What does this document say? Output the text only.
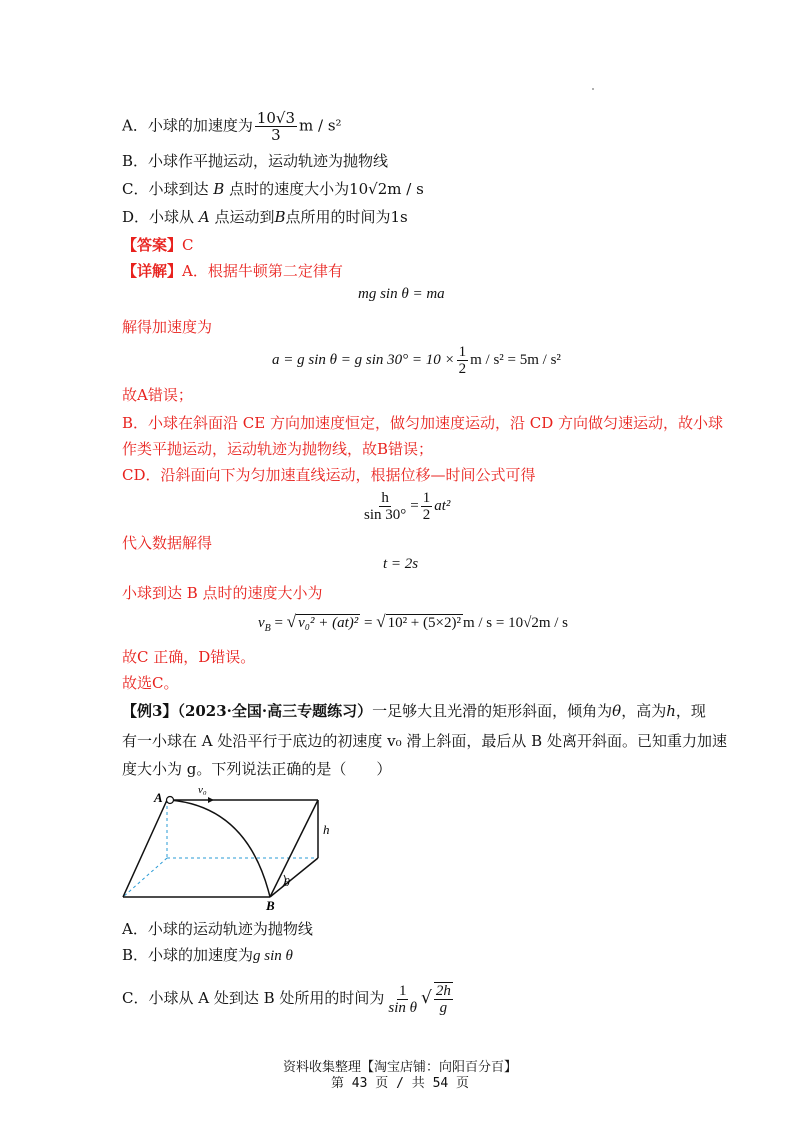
A．小球的加速度为 $\frac{10√3}{3}$ m / s²
B．小球作平抛运动，运动轨迹为抛物线
C．小球到达 B 点时的速度大小为10√2m / s
D．小球从 A 点运动到B点所用的时间为1s
【答案】C
【详解】A．根据牛顿第二定律有
mg sin θ = ma
解得加速度为
a = g sin θ = g $\sin 30^\circ = 10 \times \frac{1}{2}$ m / s² = 5m / s²
故A错误；
B．小球在斜面沿 CE 方向加速度恒定，做匀加速度运动，沿 CD 方向做匀速运动，故小球
作类平抛运动，运动轨迹为抛物线，故B错误；
CD．沿斜面向下为匀加速直线运动，根据位移—时间公式可得
$\frac{h}{\sin 30^\circ} = \frac{1}{2} at^2$
代入数据解得
t = 2s
小球到达 B 点时的速度大小为
$v_B$ = √ v₀² + (at)² = √ 10² + (5×2)² m / s = 10√2m / s
故C 正确，D错误。
故选C。
【例3】（2023·全国·高三专题练习）一足够大且光滑的矩形斜面，倾角为θ，高为h，现
有一小球在 A 处沿平行于底边的初速度 v₀ 滑上斜面，最后从 B 处离开斜面。已知重力加速
度大小为 g。下列说法正确的是（　　）
A	v₀
h
θ
B
A．小球的运动轨迹为抛物线
B．小球的加速度为g sin θ
C．小球从 A 处到达 B 处所用的时间为 $\frac{1}{\text{sin θ}}$ √ $\frac{2h}{g}$
资料收集整理【淘宝店铺：向阳百分百】
第 43 页 / 共 54 页
